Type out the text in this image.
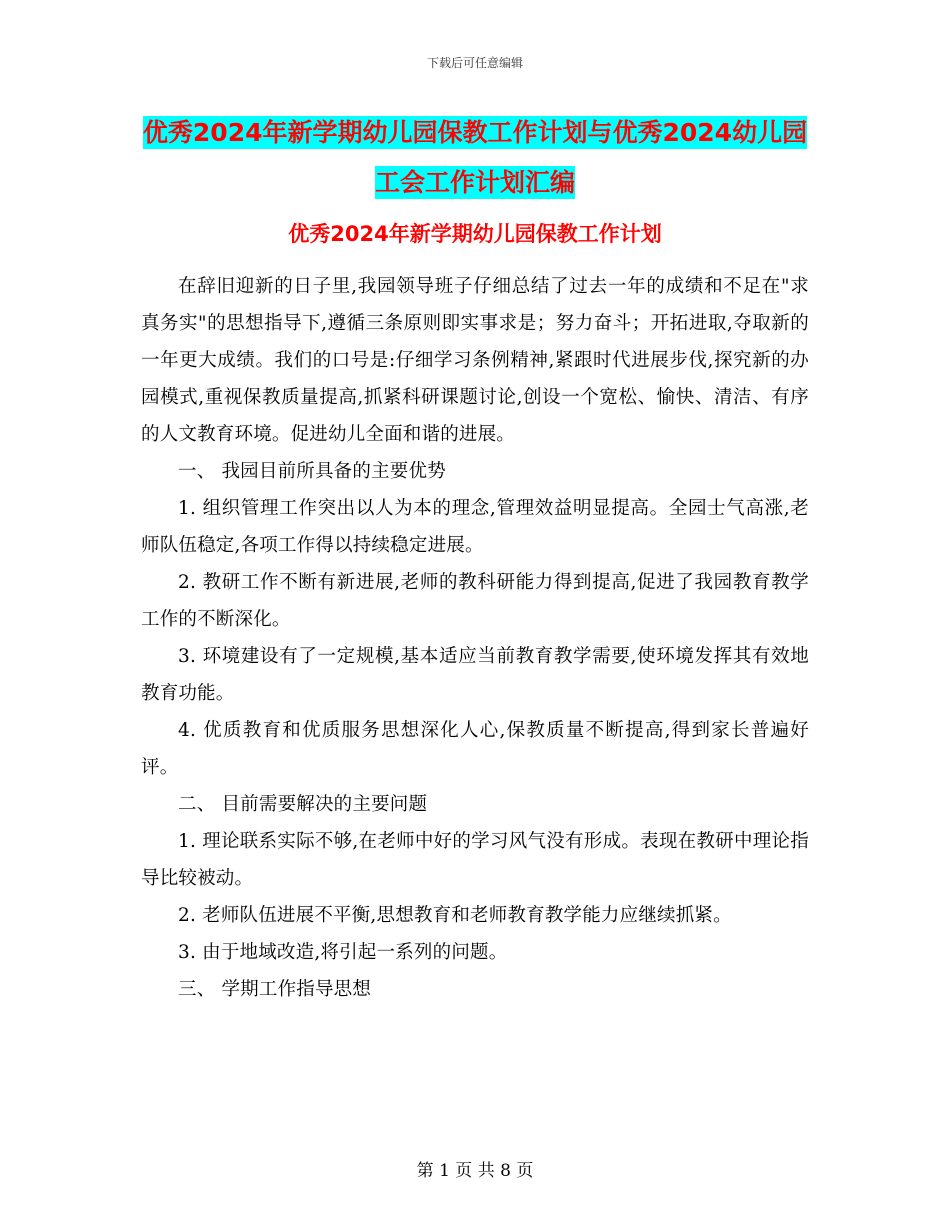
下载后可任意编辑
优秀2024年新学期幼儿园保教工作计划与优秀2024幼儿园工会工作计划汇编
优秀2024年新学期幼儿园保教工作计划

在辞旧迎新的日子里,我园领导班子仔细总结了过去一年的成绩和不足在"求真务实"的思想指导下,遵循三条原则即实事求是；努力奋斗；开拓进取,夺取新的一年更大成绩。我们的口号是:仔细学习条例精神,紧跟时代进展步伐,探究新的办园模式,重视保教质量提高,抓紧科研课题讨论,创设一个宽松、愉快、清洁、有序的人文教育环境。促进幼儿全面和谐的进展。

一、 我园目前所具备的主要优势

1. 组织管理工作突出以人为本的理念,管理效益明显提高。全园士气高涨,老师队伍稳定,各项工作得以持续稳定进展。

2. 教研工作不断有新进展,老师的教科研能力得到提高,促进了我园教育教学工作的不断深化。

3. 环境建设有了一定规模,基本适应当前教育教学需要,使环境发挥其有效地教育功能。

4. 优质教育和优质服务思想深化人心,保教质量不断提高,得到家长普遍好评。

二、 目前需要解决的主要问题

1. 理论联系实际不够,在老师中好的学习风气没有形成。表现在教研中理论指导比较被动。

2. 老师队伍进展不平衡,思想教育和老师教育教学能力应继续抓紧。

3. 由于地域改造,将引起一系列的问题。

三、 学期工作指导思想

第 1 页 共 8 页
